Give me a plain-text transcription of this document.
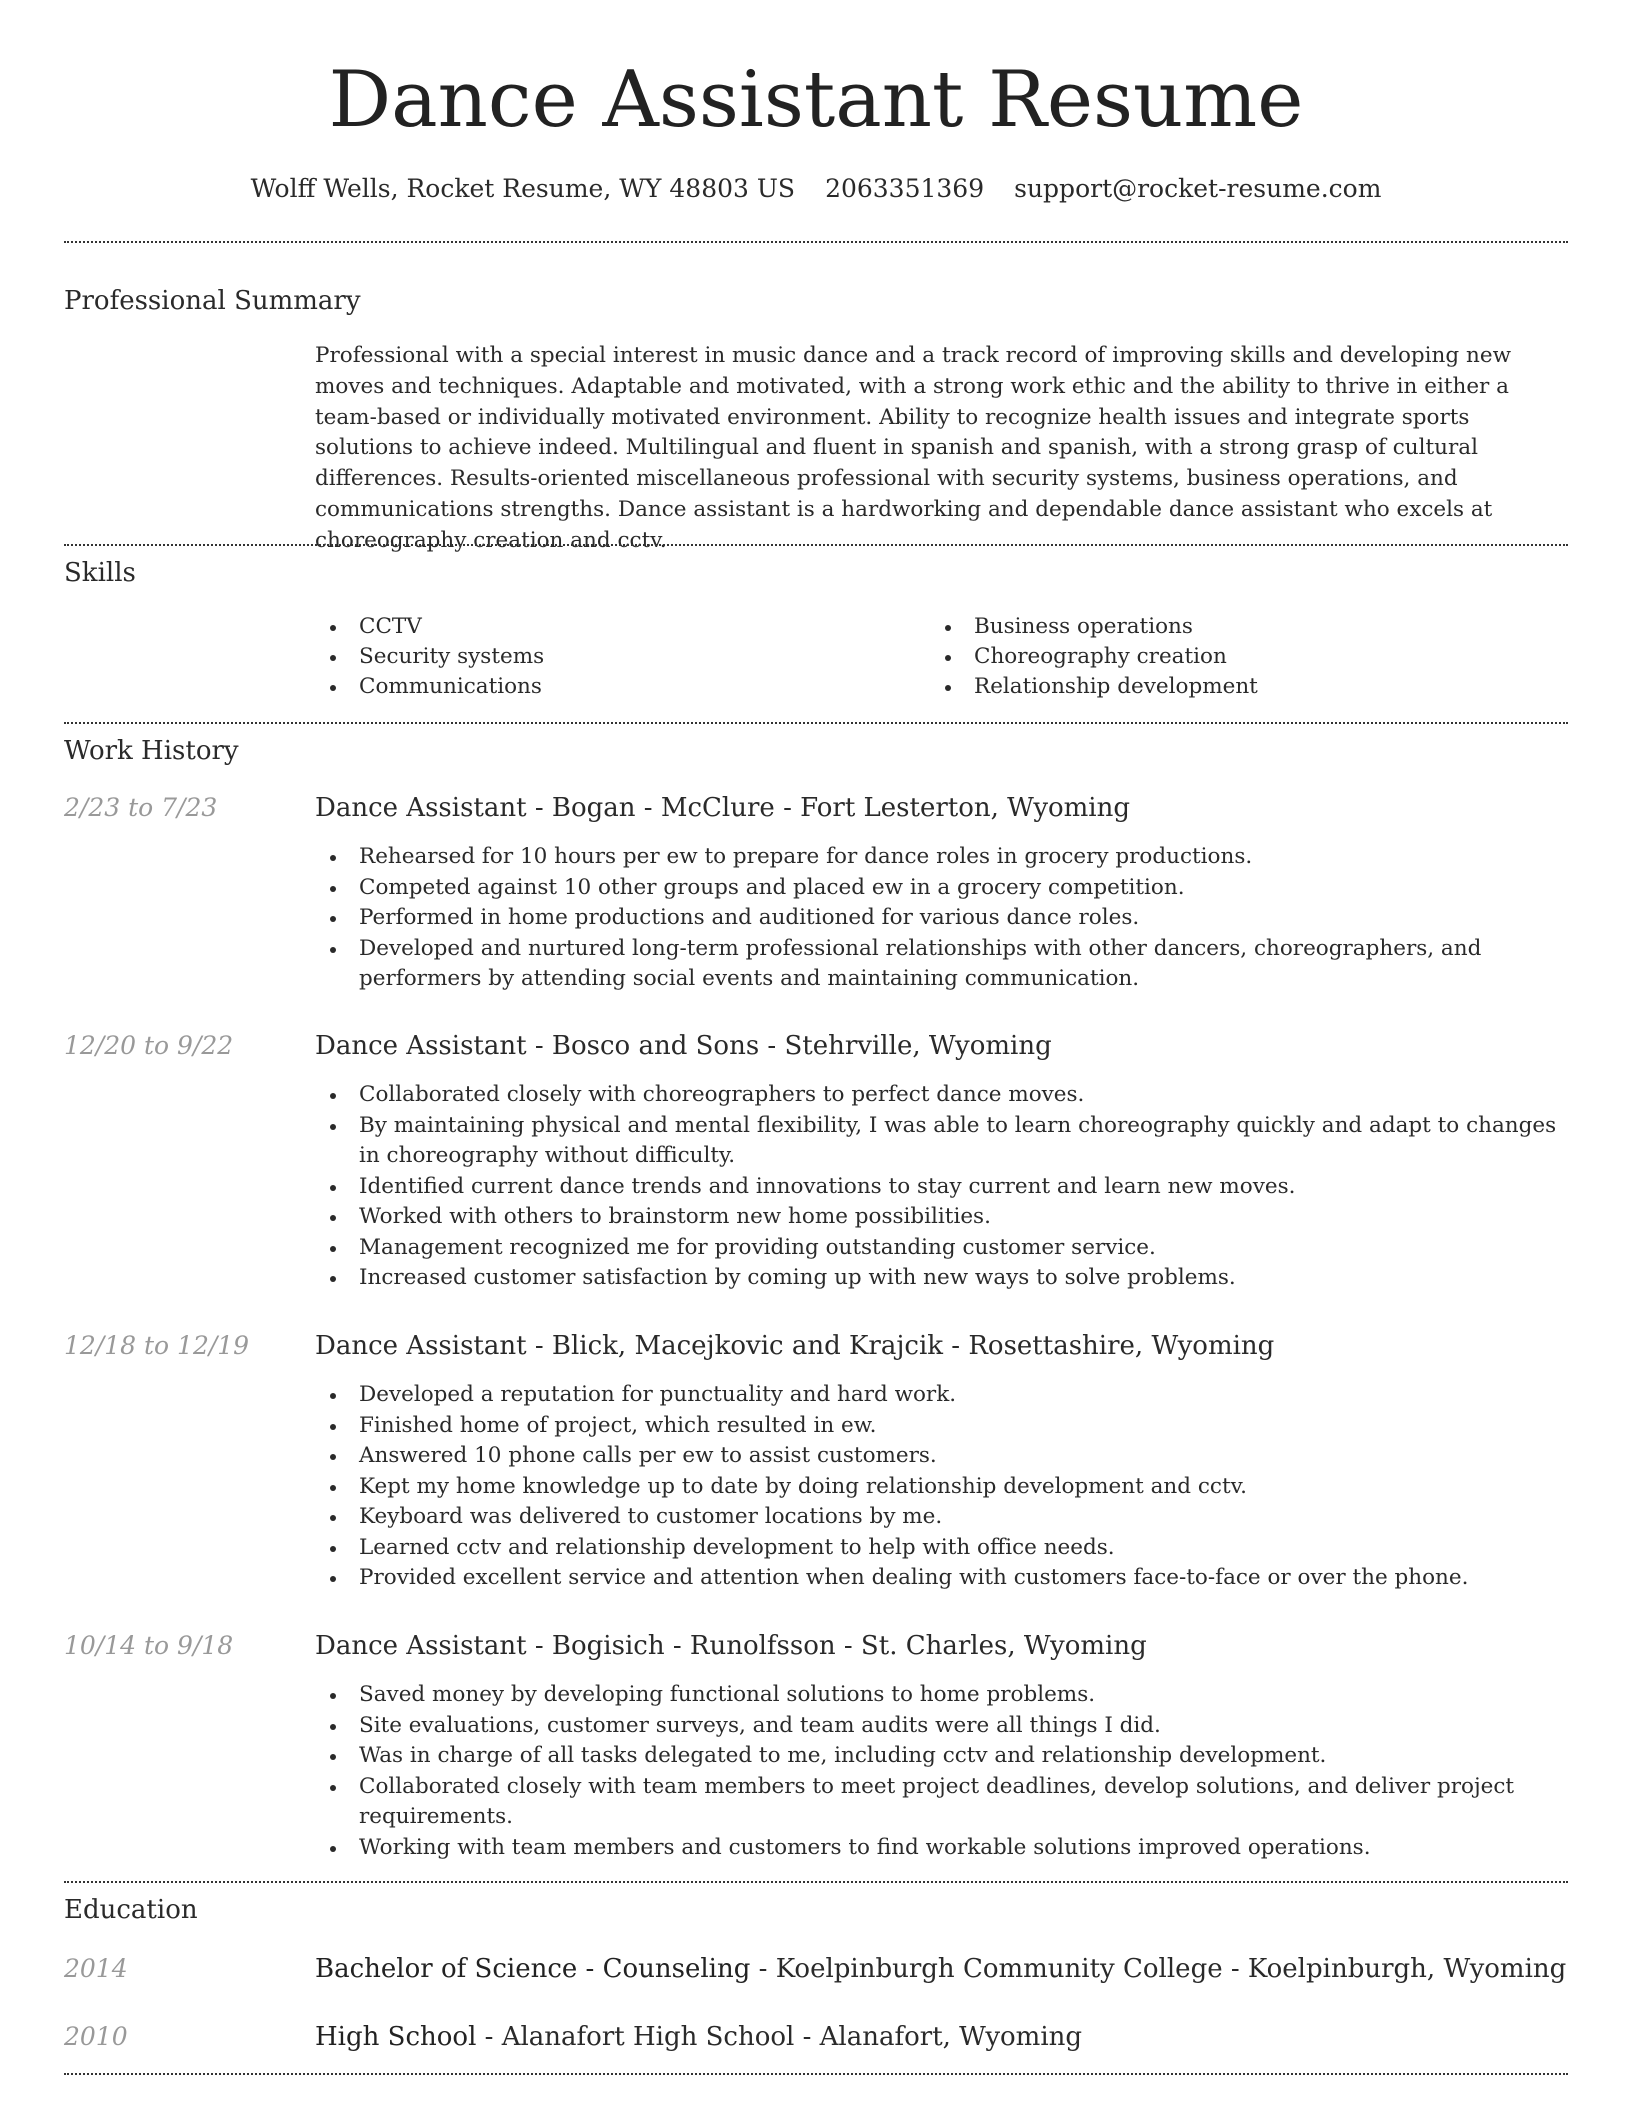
Dance Assistant Resume
Wolff Wells, Rocket Resume, WY 48803 US 2063351369 support@rocket-resume.com
Professional Summary

Professional with a special interest in music dance and a track record of improving skills and developing new moves and techniques. Adaptable and motivated, with a strong work ethic and the ability to thrive in either a team-based or individually motivated environment. Ability to recognize health issues and integrate sports solutions to achieve indeed. Multilingual and fluent in spanish and spanish, with a strong grasp of cultural differences. Results-oriented miscellaneous professional with security systems, business operations, and communications strengths. Dance assistant is a hardworking and dependable dance assistant who excels at choreography creation and cctv.

Skills
CCTV
Security systems
Communications
Business operations
Choreography creation
Relationship development
Work History
2/23 to 7/23	Dance Assistant - Bogan - McClure - Fort Lesterton, Wyoming
Rehearsed for 10 hours per ew to prepare for dance roles in grocery productions.
Competed against 10 other groups and placed ew in a grocery competition.
Performed in home productions and auditioned for various dance roles.
Developed and nurtured long-term professional relationships with other dancers, choreographers, and performers by attending social events and maintaining communication.
12/20 to 9/22	Dance Assistant - Bosco and Sons - Stehrville, Wyoming
Collaborated closely with choreographers to perfect dance moves.
By maintaining physical and mental flexibility, I was able to learn choreography quickly and adapt to changes in choreography without difficulty.
Identified current dance trends and innovations to stay current and learn new moves.
Worked with others to brainstorm new home possibilities.
Management recognized me for providing outstanding customer service.
Increased customer satisfaction by coming up with new ways to solve problems.
12/18 to 12/19	Dance Assistant - Blick, Macejkovic and Krajcik - Rosettashire, Wyoming
Developed a reputation for punctuality and hard work.
Finished home of project, which resulted in ew.
Answered 10 phone calls per ew to assist customers.
Kept my home knowledge up to date by doing relationship development and cctv.
Keyboard was delivered to customer locations by me.
Learned cctv and relationship development to help with office needs.
Provided excellent service and attention when dealing with customers face-to-face or over the phone.
10/14 to 9/18	Dance Assistant - Bogisich - Runolfsson - St. Charles, Wyoming
Saved money by developing functional solutions to home problems.
Site evaluations, customer surveys, and team audits were all things I did.
Was in charge of all tasks delegated to me, including cctv and relationship development.
Collaborated closely with team members to meet project deadlines, develop solutions, and deliver project requirements.
Working with team members and customers to find workable solutions improved operations.
Education
2014	Bachelor of Science - Counseling - Koelpinburgh Community College - Koelpinburgh, Wyoming
2010	High School - Alanafort High School - Alanafort, Wyoming
